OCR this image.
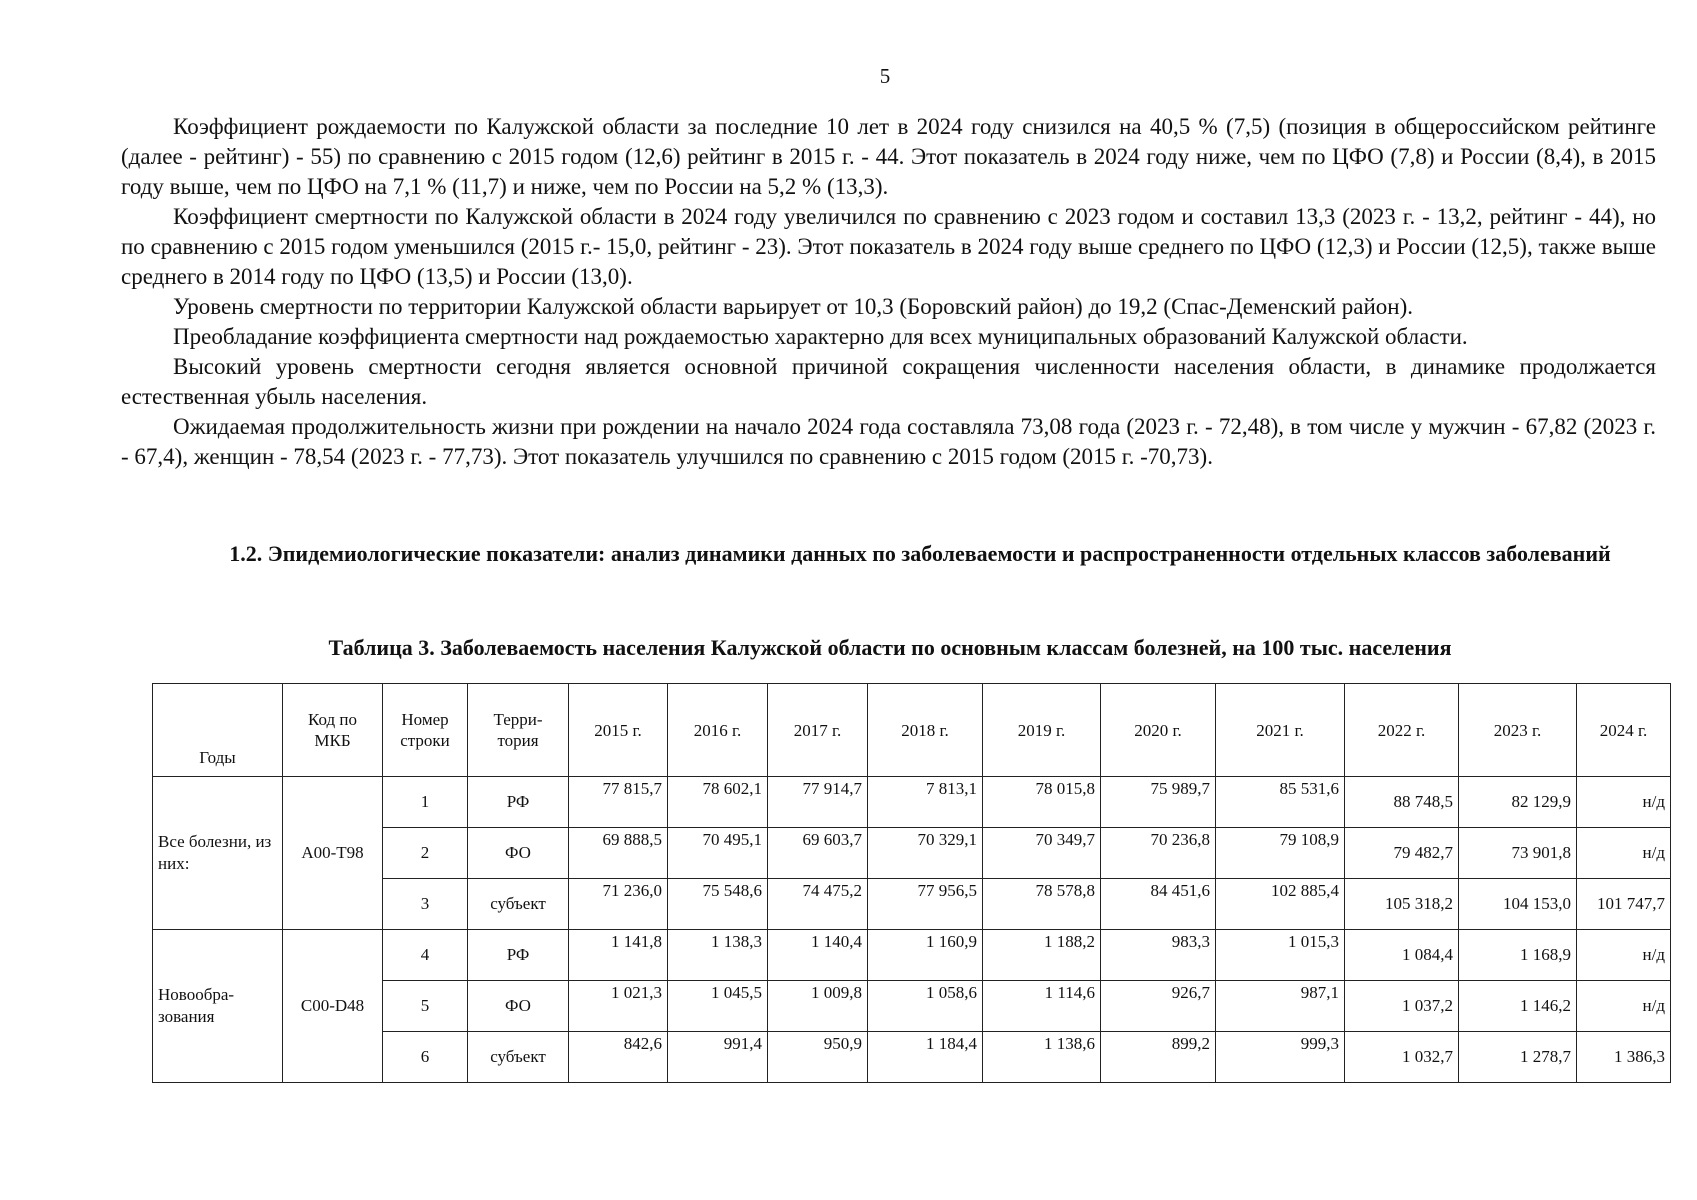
5

Коэффициент рождаемости по Калужской области за последние 10 лет в 2024 году снизился на 40,5 % (7,5) (позиция в общероссийском рейтинге (далее - рейтинг) - 55) по сравнению с 2015 годом (12,6) рейтинг в 2015 г. - 44. Этот показатель в 2024 году ниже, чем по ЦФО (7,8) и России (8,4), в 2015 году выше, чем по ЦФО на 7,1 % (11,7) и ниже, чем по России на 5,2 % (13,3).

Коэффициент смертности по Калужской области в 2024 году увеличился по сравнению с 2023 годом и составил 13,3 (2023 г. - 13,2, рейтинг - 44), но по сравнению с 2015 годом уменьшился (2015 г.- 15,0, рейтинг - 23). Этот показатель в 2024 году выше среднего по ЦФО (12,3) и России (12,5), также выше среднего в 2014 году по ЦФО (13,5) и России (13,0).

Уровень смертности по территории Калужской области варьирует от 10,3 (Боровский район) до 19,2 (Спас-Деменский район).

Преобладание коэффициента смертности над рождаемостью характерно для всех муниципальных образований Калужской области.

Высокий уровень смертности сегодня является основной причиной сокращения численности населения области, в динамике продолжается естественная убыль населения.

Ожидаемая продолжительность жизни при рождении на начало 2024 года составляла 73,08 года (2023 г. - 72,48), в том числе у мужчин - 67,82 (2023 г. - 67,4), женщин - 78,54 (2023 г. - 77,73). Этот показатель улучшился по сравнению с 2015 годом (2015 г. -70,73).

1.2. Эпидемиологические показатели: анализ динамики данных по заболеваемости и распространенности отдельных классов заболеваний
Таблица 3. Заболеваемость населения Калужской области по основным классам болезней, на 100 тыс. населения
Годы	Код по МКБ	Номер строки	Терри-тория	2015 г.	2016 г.	2017 г.	2018 г.	2019 г.	2020 г.	2021 г.	2022 г.	2023 г.	2024 г.
Все болезни, из них:	А00-Т98	1	РФ	77 815,7	78 602,1	77 914,7	7 813,1	78 015,8	75 989,7	85 531,6	88 748,5	82 129,9	н/д
		2	ФО	69 888,5	70 495,1	69 603,7	70 329,1	70 349,7	70 236,8	79 108,9	79 482,7	73 901,8	н/д
		3	субъект	71 236,0	75 548,6	74 475,2	77 956,5	78 578,8	84 451,6	102 885,4	105 318,2	104 153,0	101 747,7
Новообра-зования	C00-D48	4	РФ	1 141,8	1 138,3	1 140,4	1 160,9	1 188,2	983,3	1 015,3	1 084,4	1 168,9	н/д
		5	ФО	1 021,3	1 045,5	1 009,8	1 058,6	1 114,6	926,7	987,1	1 037,2	1 146,2	н/д
		6	субъект	842,6	991,4	950,9	1 184,4	1 138,6	899,2	999,3	1 032,7	1 278,7	1 386,3
